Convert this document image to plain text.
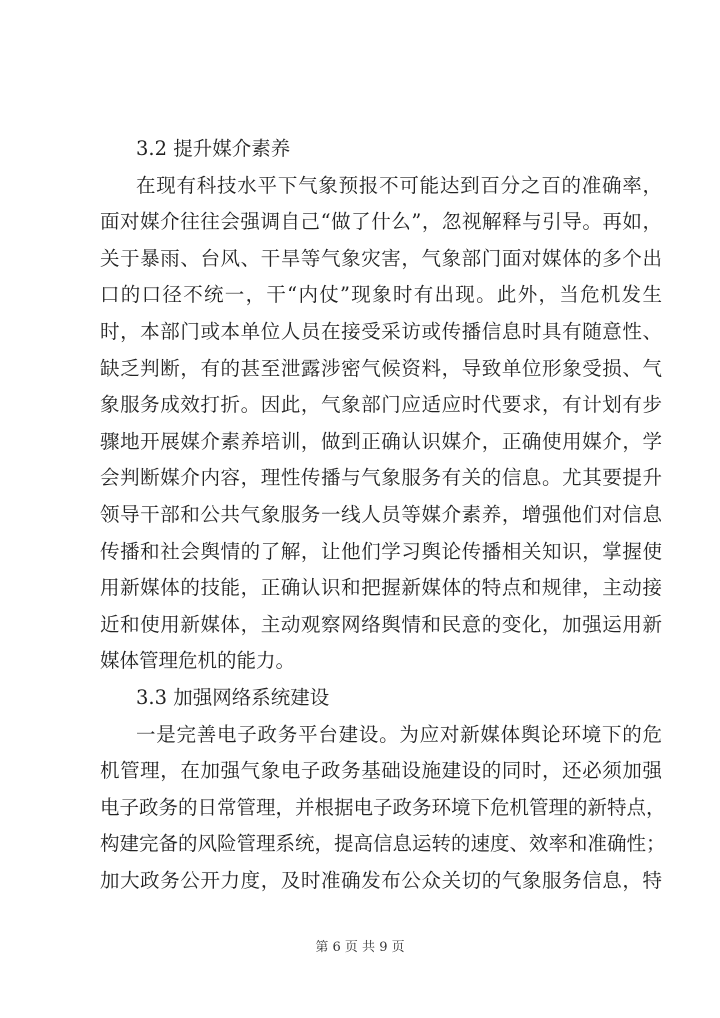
3.2 提升媒介素养
在现有科技水平下气象预报不可能达到百分之百的准确率，
面对媒介往往会强调自己“做了什么”，忽视解释与引导。再如，
关于暴雨、台风、干旱等气象灾害，气象部门面对媒体的多个出
口的口径不统一，干“内仗”现象时有出现。此外，当危机发生
时，本部门或本单位人员在接受采访或传播信息时具有随意性、
缺乏判断，有的甚至泄露涉密气候资料，导致单位形象受损、气
象服务成效打折。因此，气象部门应适应时代要求，有计划有步
骤地开展媒介素养培训，做到正确认识媒介，正确使用媒介，学
会判断媒介内容，理性传播与气象服务有关的信息。尤其要提升
领导干部和公共气象服务一线人员等媒介素养，增强他们对信息
传播和社会舆情的了解，让他们学习舆论传播相关知识，掌握使
用新媒体的技能，正确认识和把握新媒体的特点和规律，主动接
近和使用新媒体，主动观察网络舆情和民意的变化，加强运用新
媒体管理危机的能力。
3.3 加强网络系统建设
一是完善电子政务平台建设。为应对新媒体舆论环境下的危
机管理，在加强气象电子政务基础设施建设的同时，还必须加强
电子政务的日常管理，并根据电子政务环境下危机管理的新特点，
构建完备的风险管理系统，提高信息运转的速度、效率和准确性；
加大政务公开力度，及时准确发布公众关切的气象服务信息，特
第 6 页 共 9 页
